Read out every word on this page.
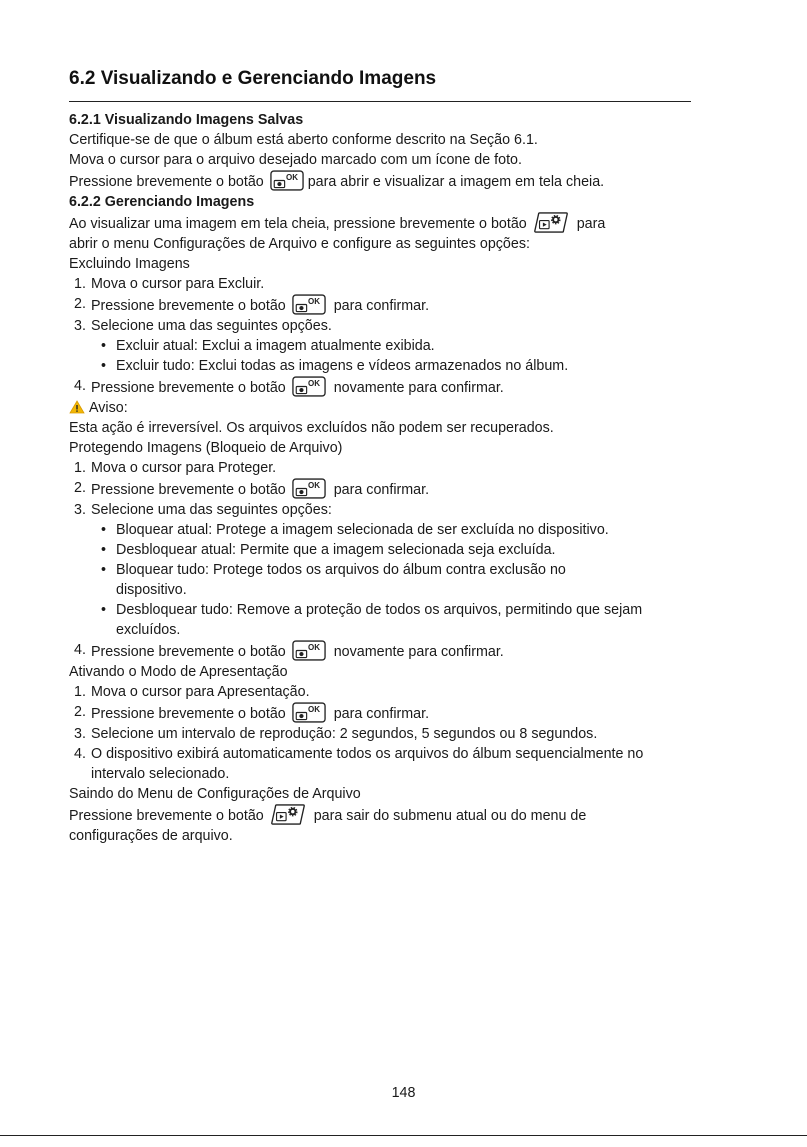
6.2 Visualizando e Gerenciando Imagens

6.2.1 Visualizando Imagens Salvas

Certifique-se de que o álbum está aberto conforme descrito na Seção 6.1.

Mova o cursor para o arquivo desejado marcado com um ícone de foto.

Pressione brevemente o botão	para abrir e visualizar a imagem em tela cheia.

6.2.2 Gerenciando Imagens

Ao visualizar uma imagem em tela cheia, pressione brevemente o botão	para

abrir o menu Configurações de Arquivo e configure as seguintes opções:

Excluindo Imagens

1. Mova o cursor para Excluir.

2. Pressione brevemente o botão	para confirmar.

3. Selecione uma das seguintes opções.

• Excluir atual: Exclui a imagem atualmente exibida.

• Excluir tudo: Exclui todas as imagens e vídeos armazenados no álbum.

4. Pressione brevemente o botão	novamente para confirmar.

Aviso:

Esta ação é irreversível. Os arquivos excluídos não podem ser recuperados.

Protegendo Imagens (Bloqueio de Arquivo)

1. Mova o cursor para Proteger.

2. Pressione brevemente o botão	para confirmar.

3. Selecione uma das seguintes opções:

• Bloquear atual: Protege a imagem selecionada de ser excluída no dispositivo.

• Desbloquear atual: Permite que a imagem selecionada seja excluída.

• Bloquear tudo: Protege todos os arquivos do álbum contra exclusão no dispositivo.

• Desbloquear tudo: Remove a proteção de todos os arquivos, permitindo que sejam excluídos.

4. Pressione brevemente o botão	novamente para confirmar.

Ativando o Modo de Apresentação

1. Mova o cursor para Apresentação.

2. Pressione brevemente o botão	para confirmar.

3. Selecione um intervalo de reprodução: 2 segundos, 5 segundos ou 8 segundos.

4. O dispositivo exibirá automaticamente todos os arquivos do álbum sequencialmente no intervalo selecionado.

Saindo do Menu de Configurações de Arquivo

Pressione brevemente o botão	para sair do submenu atual ou do menu de

configurações de arquivo.

148
